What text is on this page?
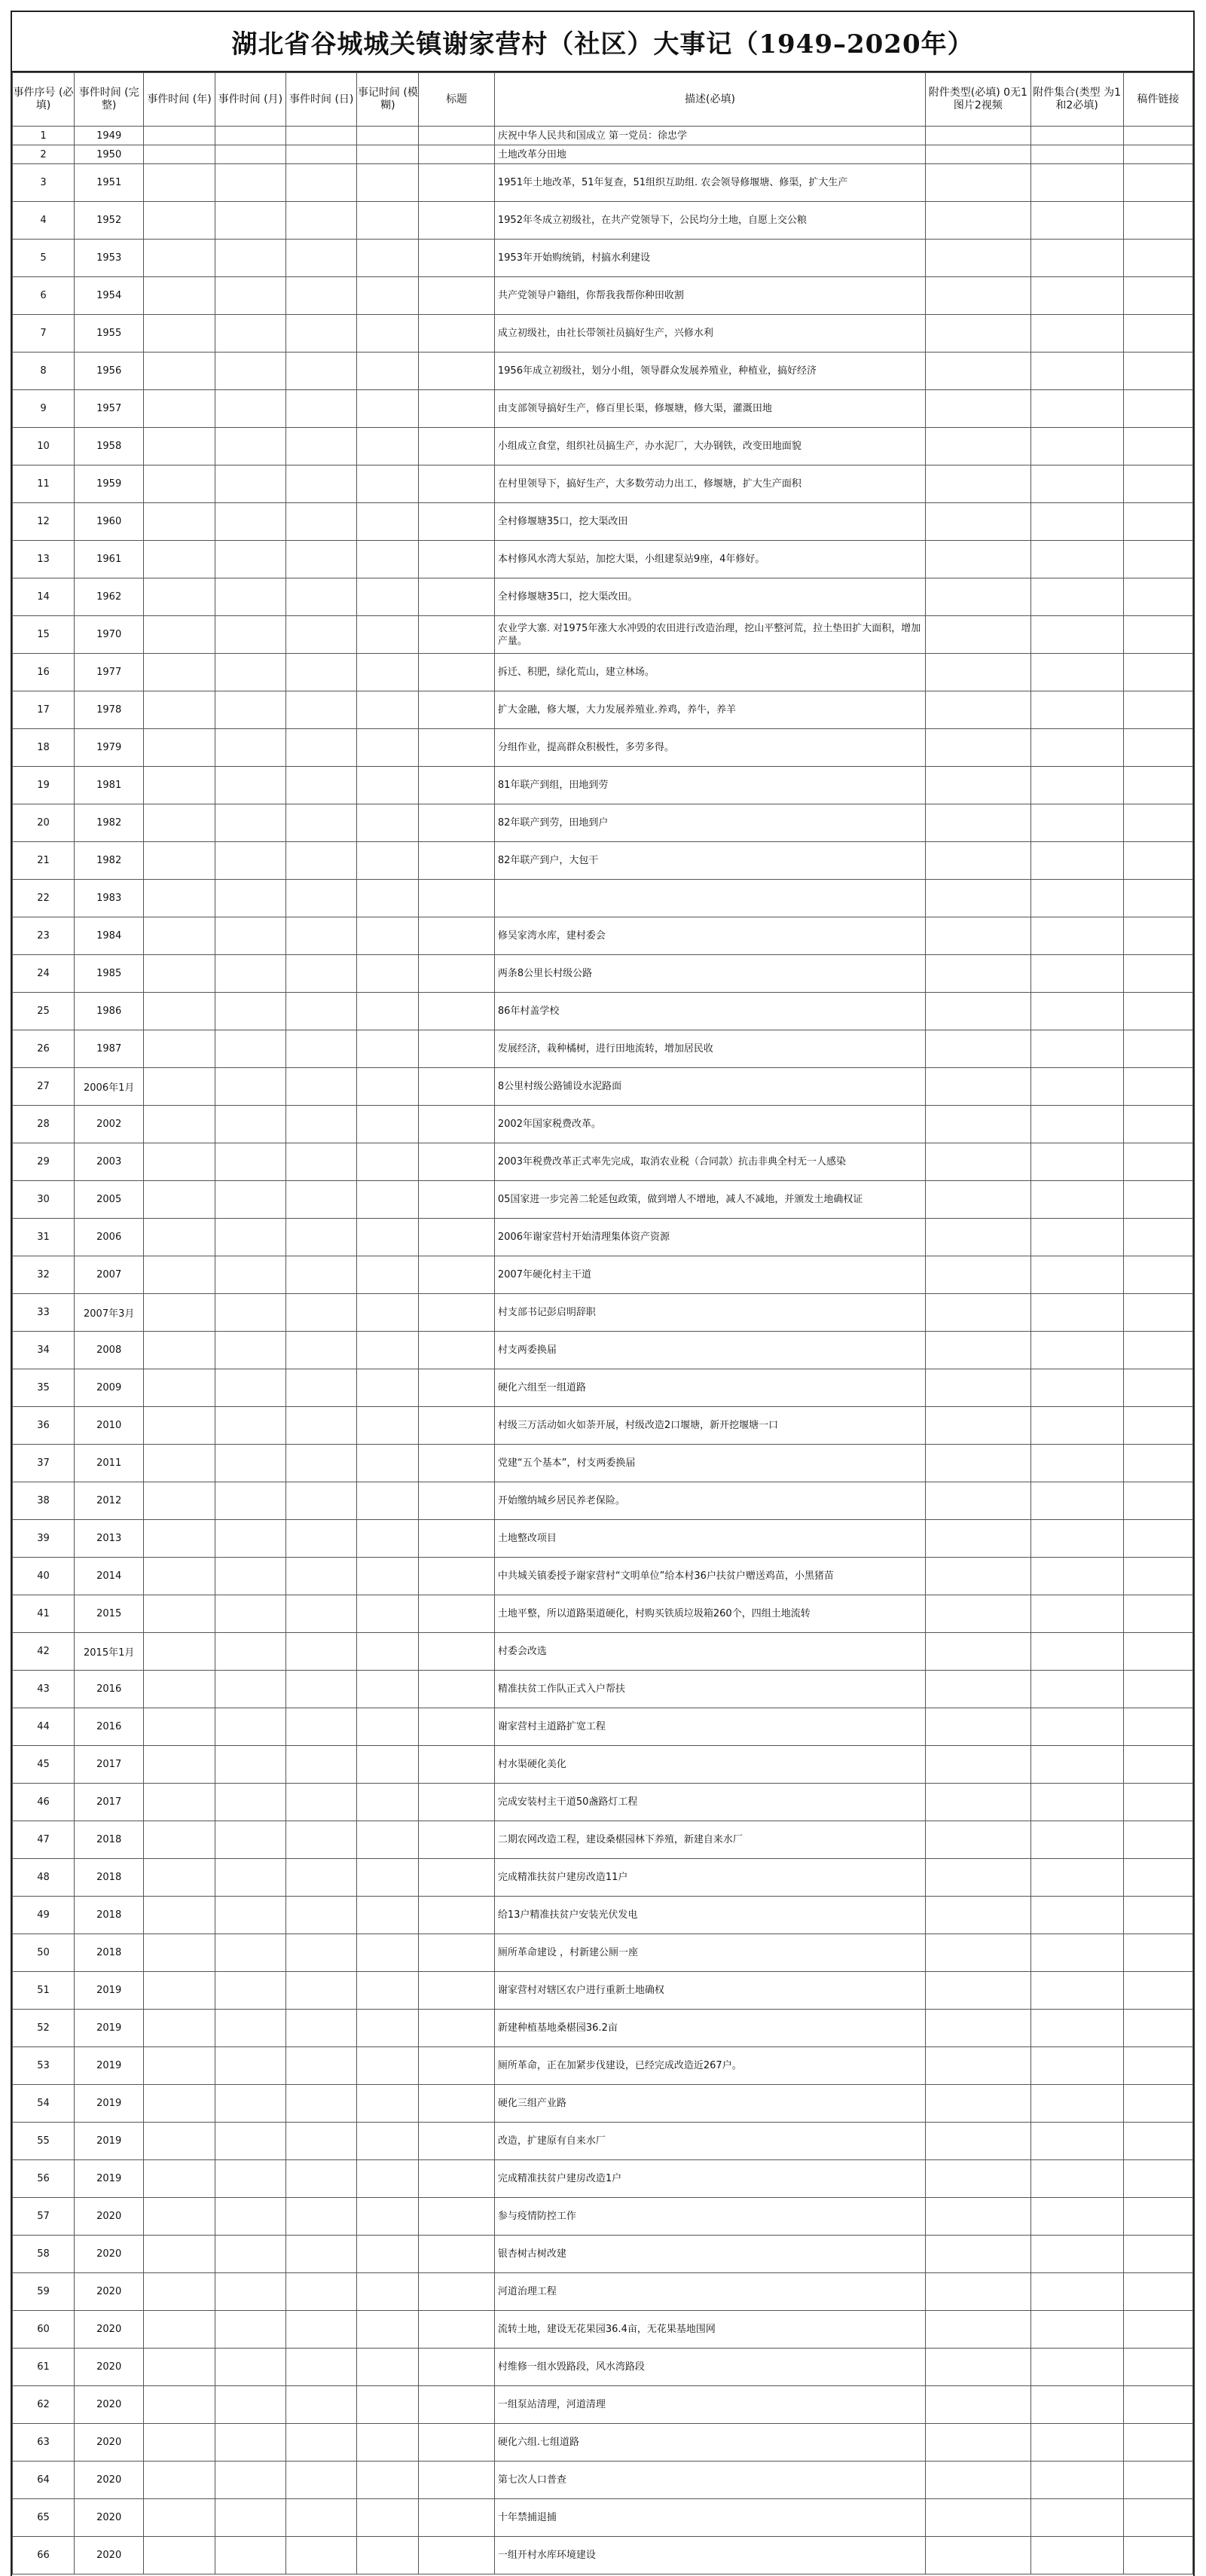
湖北省谷城城关镇谢家营村（社区）大事记（1949–2020年）
事件序号 (必填)	事件时间 (完整)	事件时间 (年)	事件时间 (月)	事件时间 (日)	事记时间 (模糊)	标题	描述(必填)	附件类型(必填) 0无1图片2视频	附件集合(类型 为1和2必填)	稿件链接
1	1949						庆祝中华人民共和国成立 第一党员：徐忠学			
2	1950						土地改革分田地			
3	1951						1951年土地改革，51年复查，51组织互助组. 农会领导修堰塘、修渠，扩大生产			
4	1952						1952年冬成立初级社，在共产党领导下，公民均分土地，自愿上交公粮			
5	1953						1953年开始购统销，村搞水利建设			
6	1954						共产党领导户籍组，你帮我我帮你种田收割			
7	1955						成立初级社，由社长带领社员搞好生产，兴修水利			
8	1956						1956年成立初级社，划分小组，领导群众发展养殖业，种植业，搞好经济			
9	1957						由支部领导搞好生产，修百里长渠，修堰塘，修大渠，灌溉田地			
10	1958						小组成立食堂，组织社员搞生产，办水泥厂，大办钢铁，改变田地面貌			
11	1959						在村里领导下，搞好生产，大多数劳动力出工，修堰塘，扩大生产面积			
12	1960						全村修堰塘35口，挖大渠改田			
13	1961						本村修风水湾大泵站，加挖大渠，小组建泵站9座，4年修好。			
14	1962						全村修堰塘35口，挖大渠改田。			
15	1970						农业学大寨. 对1975年涨大水冲毁的农田进行改造治理，挖山平整河荒，拉土垫田扩大面积，增加产量。			
16	1977						拆迁、积肥，绿化荒山，建立林场。			
17	1978						扩大金融，修大堰，大力发展养殖业.养鸡，养牛，养羊			
18	1979						分组作业，提高群众积极性，多劳多得。			
19	1981						81年联产到组，田地到劳			
20	1982						82年联产到劳，田地到户			
21	1982						82年联产到户，大包干			
22	1983									
23	1984						修吴家湾水库，建村委会			
24	1985						两条8公里长村级公路			
25	1986						86年村盖学校			
26	1987						发展经济，栽种橘树，进行田地流转，增加居民收			
27	2006年1月						8公里村级公路铺设水泥路面			
28	2002						2002年国家税费改革。			
29	2003						2003年税费改革正式率先完成，取消农业税（合同款）抗击非典全村无一人感染			
30	2005						05国家进一步完善二轮延包政策，做到增人不增地，减人不减地，并颁发土地确权证			
31	2006						2006年谢家营村开始清理集体资产资源			
32	2007						2007年硬化村主干道			
33	2007年3月						村支部书记彭启明辞职			
34	2008						村支两委换届			
35	2009						硬化六组至一组道路			
36	2010						村级三万活动如火如荼开展，村级改造2口堰塘，新开挖堰塘一口			
37	2011						党建“五个基本”，村支两委换届			
38	2012						开始缴纳城乡居民养老保险。			
39	2013						土地整改项目			
40	2014						中共城关镇委授予谢家营村“文明单位”给本村36户扶贫户赠送鸡苗，小黑猪苗			
41	2015						土地平整，所以道路渠道硬化，村购买铁质垃圾箱260个，四组土地流转			
42	2015年1月						村委会改选			
43	2016						精准扶贫工作队正式入户帮扶			
44	2016						谢家营村主道路扩宽工程			
45	2017						村水渠硬化美化			
46	2017						完成安装村主干道50盏路灯工程			
47	2018						二期农网改造工程，建设桑椹园林下养殖，新建自来水厂			
48	2018						完成精准扶贫户建房改造11户			
49	2018						给13户精准扶贫户安装光伏发电			
50	2018						厕所革命建设 ，村新建公厕一座			
51	2019						谢家营村对辖区农户进行重新土地确权			
52	2019						新建种植基地桑椹园36.2亩			
53	2019						厕所革命，正在加紧步伐建设，已经完成改造近267户。			
54	2019						硬化三组产业路			
55	2019						改造，扩建原有自来水厂			
56	2019						完成精准扶贫户建房改造1户			
57	2020						参与疫情防控工作			
58	2020						银杏树古树改建			
59	2020						河道治理工程			
60	2020						流转土地，建设无花果园36.4亩，无花果基地围网			
61	2020						村维修一组水毁路段，风水湾路段			
62	2020						一组泵站清理，河道清理			
63	2020						硬化六组.七组道路			
64	2020						第七次人口普查			
65	2020						十年禁捕退捕			
66	2020						一组开村水库环境建设			
